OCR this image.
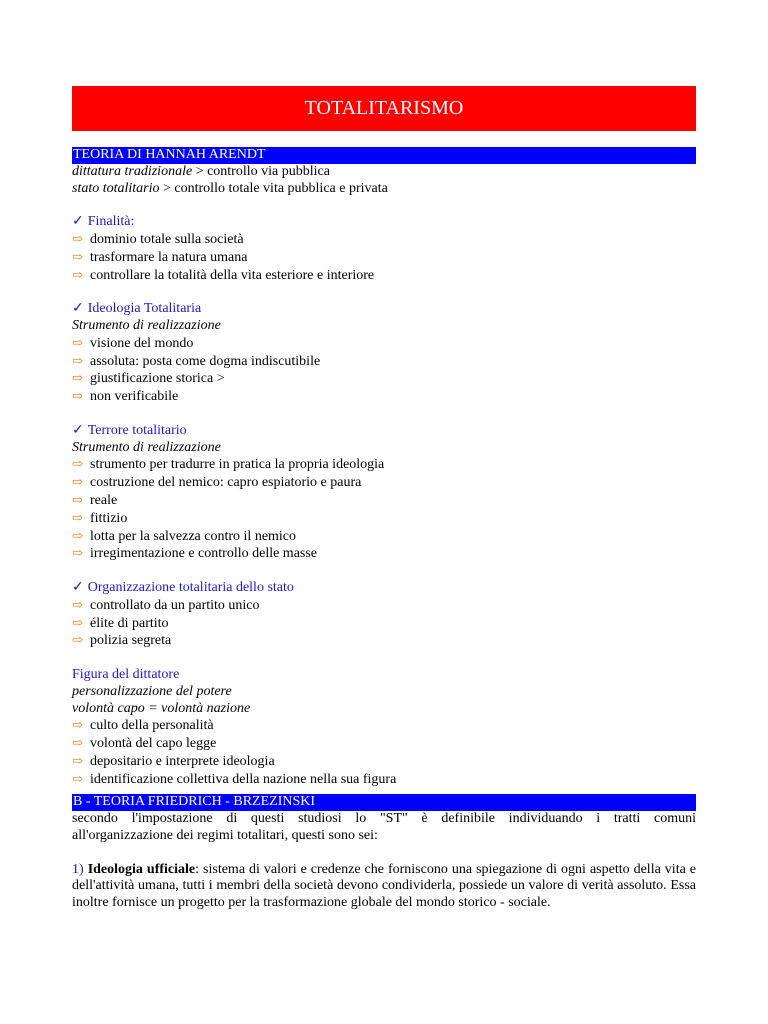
TOTALITARISMO
TEORIA DI HANNAH ARENDT
dittatura tradizionale > controllo via pubblica
stato totalitario > controllo totale vita pubblica e privata
✓ Finalità:
⇨ dominio totale sulla società
⇨ trasformare la natura umana
⇨ controllare la totalità della vita esteriore e interiore
✓ Ideologia Totalitaria
Strumento di realizzazione
⇨ visione del mondo
⇨ assoluta: posta come dogma indiscutibile
⇨ giustificazione storica >
⇨ non verificabile
✓ Terrore totalitario
Strumento di realizzazione
⇨ strumento per tradurre in pratica la propria ideologia
⇨ costruzione del nemico: capro espiatorio e paura
⇨ reale
⇨ fittizio
⇨ lotta per la salvezza contro il nemico
⇨ irregimentazione e controllo delle masse
✓ Organizzazione totalitaria dello stato
⇨ controllato da un partito unico
⇨ élite di partito
⇨ polizia segreta
Figura del dittatore
personalizzazione del potere
volontà capo = volontà nazione
⇨ culto della personalità
⇨ volontà del capo legge
⇨ depositario e interprete ideologia
⇨ identificazione collettiva della nazione nella sua figura
B - TEORIA FRIEDRICH - BRZEZINSKI
secondo l'impostazione di questi studiosi lo "ST" è definibile individuando i tratti comuni
all'organizzazione dei regimi totalitari, questi sono sei:
1) Ideologia ufficiale: sistema di valori e credenze che forniscono una spiegazione di ogni aspetto della vita e dell'attività umana, tutti i membri della società devono condividerla, possiede un valore di verità assoluto. Essa inoltre fornisce un progetto per la trasformazione globale del mondo storico - sociale.
